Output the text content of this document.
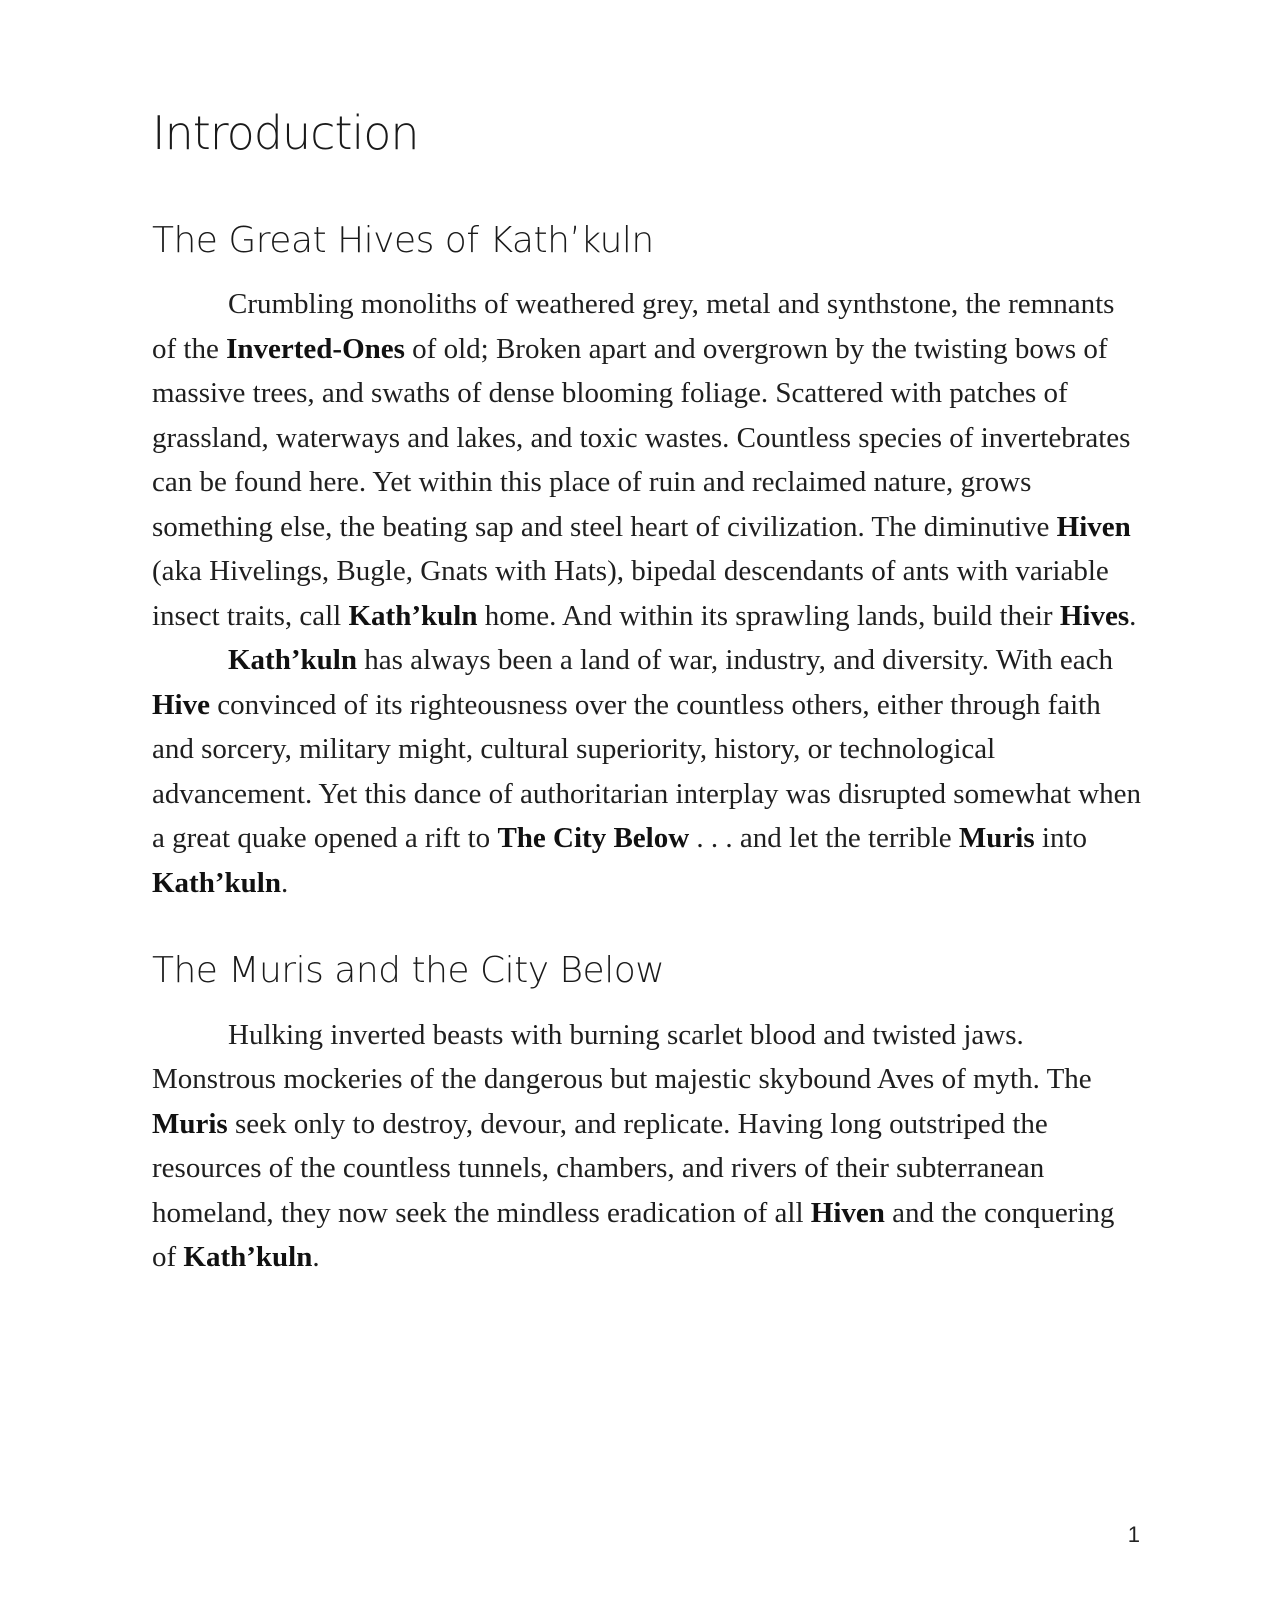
Introduction
The Great Hives of Kath’kuln

Crumbling monoliths of weathered grey, metal and synthstone, the remnants of the Inverted-Ones of old; Broken apart and overgrown by the twisting bows of massive trees, and swaths of dense blooming foliage. Scattered with patches of grassland, waterways and lakes, and toxic wastes. Countless species of invertebrates can be found here. Yet within this place of ruin and reclaimed nature, grows something else, the beating sap and steel heart of civilization. The diminutive Hiven (aka Hivelings, Bugle, Gnats with Hats), bipedal descendants of ants with variable insect traits, call Kath’kuln home. And within its sprawling lands, build their Hives.

Kath’kuln has always been a land of war, industry, and diversity. With each Hive convinced of its righteousness over the countless others, either through faith and sorcery, military might, cultural superiority, history, or technological advancement. Yet this dance of authoritarian interplay was disrupted somewhat when a great quake opened a rift to The City Below . . . and let the terrible Muris into Kath’kuln.

The Muris and the City Below

Hulking inverted beasts with burning scarlet blood and twisted jaws. Monstrous mockeries of the dangerous but majestic skybound Aves of myth. The Muris seek only to destroy, devour, and replicate. Having long outstriped the resources of the countless tunnels, chambers, and rivers of their subterranean homeland, they now seek the mindless eradication of all Hiven and the conquering of Kath’kuln.

1
